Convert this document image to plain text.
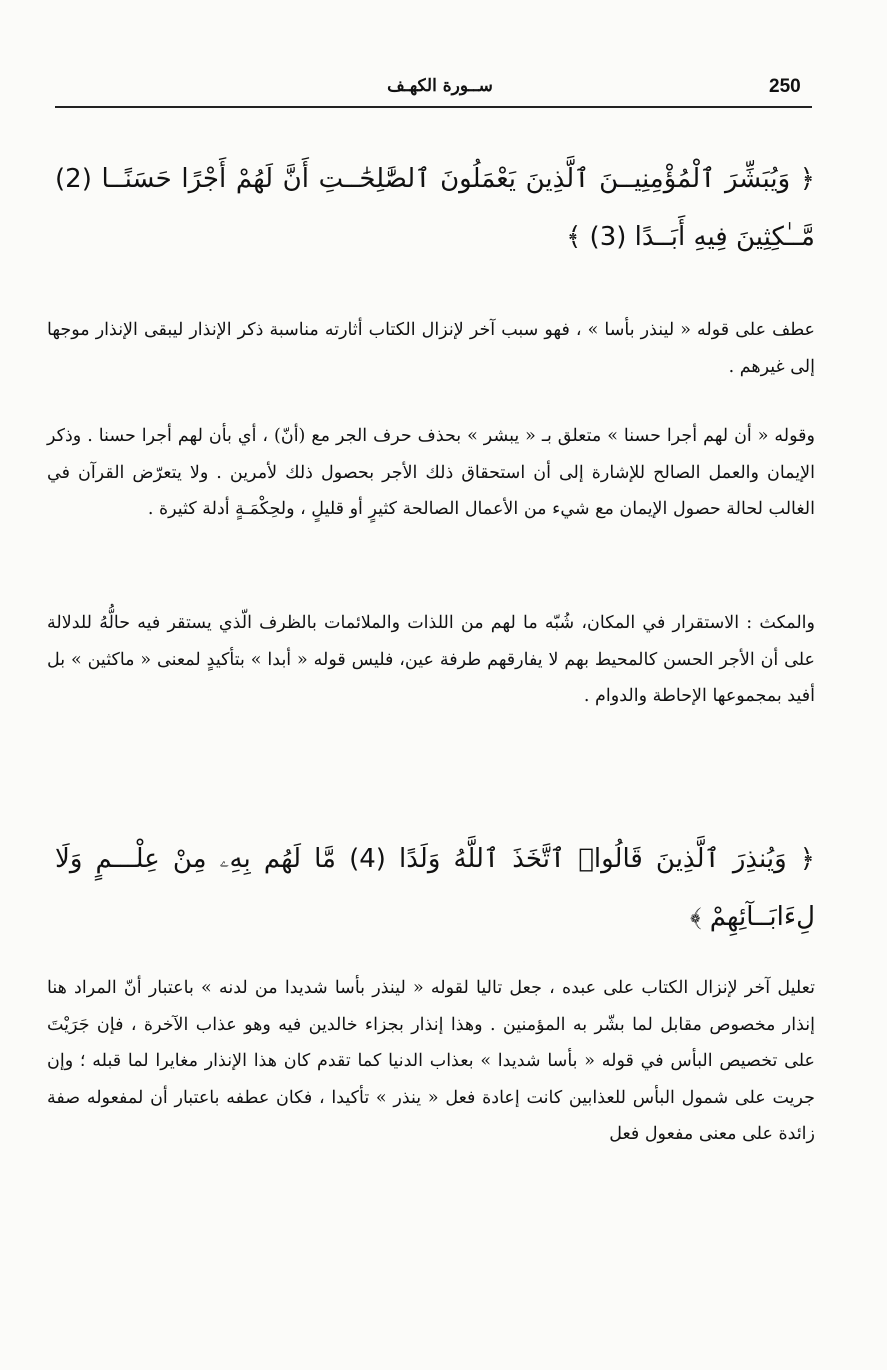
250
ســورة الكهـف
﴿ وَيُبَشِّرَ ٱلْمُؤْمِنِيــنَ ٱلَّذِينَ يَعْمَلُونَ ٱلصَّٰلِحَٰــتِ أَنَّ لَهُمْ أَجْرًا حَسَنًــا (2) مَّــٰكِثِينَ فِيهِ أَبَــدًا (3) ﴾

عطف على قوله « لينذر بأسا » ، فهو سبب آخر لإنزال الكتاب أثارته مناسبة ذكر الإنذار ليبقى الإنذار موجها إلى غيرهم .

وقوله « أن لهم أجرا حسنا » متعلق بـ « يبشر » بحذف حرف الجر مع (أنّ) ، أي بأن لهم أجرا حسنا . وذكر الإيمان والعمل الصالح للإشارة إلى أن استحقاق ذلك الأجر بحصول ذلك لأمرين . ولا يتعرّض القرآن في الغالب لحالة حصول الإيمان مع شيء من الأعمال الصالحة كثيرٍ أو قليلٍ ، ولحِكْمَـةٍ أدلة كثيرة .

والمكث : الاستقرار في المكان، شُبّه ما لهم من اللذات والملائمات بالظرف الّذي يستقر فيه حالُّهُ للدلالة على أن الأجر الحسن كالمحيط بهم لا يفارقهم طرفة عين، فليس قوله « أبدا » بتأكيدٍ لمعنى « ماكثين » بل أفيد بمجموعها الإحاطة والدوام .

﴿ وَيُنذِرَ ٱلَّذِينَ قَالُوا۟ ٱتَّخَذَ ٱللَّهُ وَلَدًا (4) مَّا لَهُم بِهِۦ مِنْ عِلْـــمٍ وَلَا لِءَابَــآئِهِمْ ﴾

تعليل آخر لإنزال الكتاب على عبده ، جعل تاليا لقوله « لينذر بأسا شديدا من لدنه » باعتبار أنّ المراد هنا إنذار مخصوص مقابل لما بشّر به المؤمنين . وهذا إنذار بجزاء خالدين فيه وهو عذاب الآخرة ، فإن جَرَيْتَ على تخصيص البأس في قوله « بأسا شديدا » بعذاب الدنيا كما تقدم كان هذا الإنذار مغايرا لما قبله ؛ وإن جريت على شمول البأس للعذابين كانت إعادة فعل « ينذر » تأكيدا ، فكان عطفه باعتبار أن لمفعوله صفة زائدة على معنى مفعول فعل
